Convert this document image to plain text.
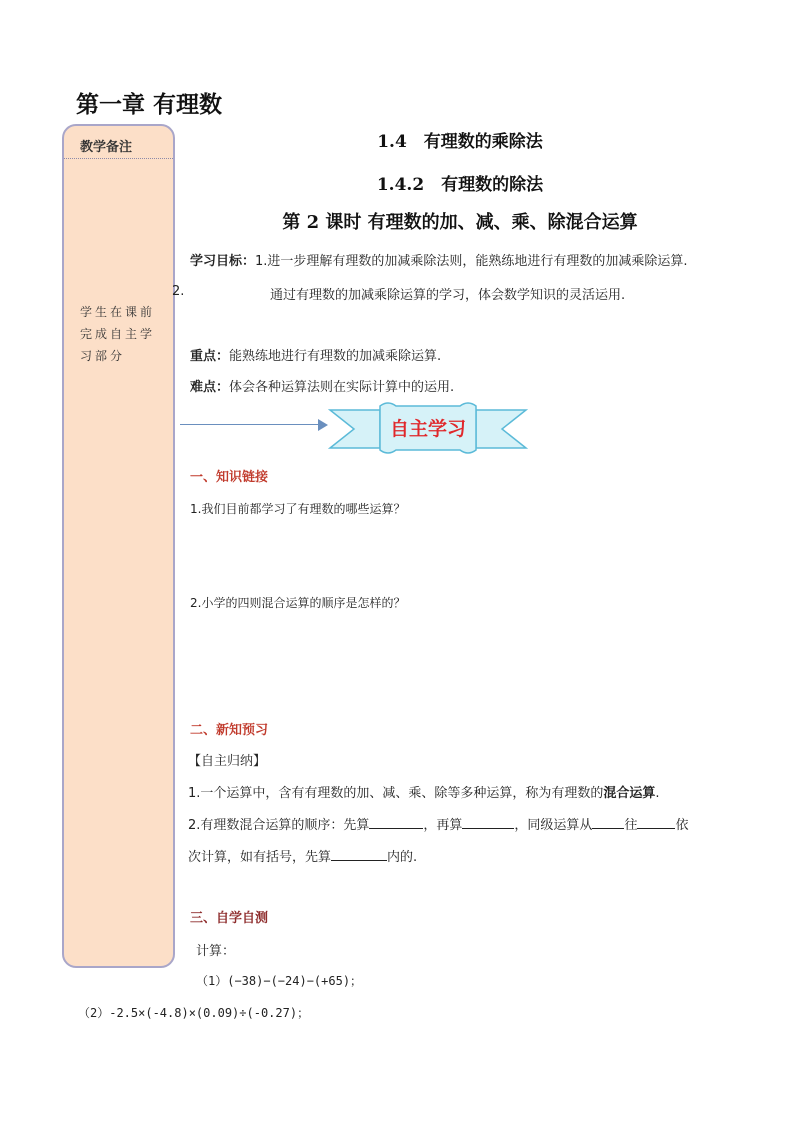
第一章 有理数
教学备注
学生在课前完成自主学习部分
1.4　有理数的乘除法
1.4.2　有理数的除法
第 2 课时 有理数的加、减、乘、除混合运算
学习目标：1.进一步理解有理数的加减乘除法则，能熟练地进行有理数的加减乘除运算.
2.	通过有理数的加减乘除运算的学习，体会数学知识的灵活运用.
重点：能熟练地进行有理数的加减乘除运算.
难点：体会各种运算法则在实际计算中的运用.
自主学习
一、知识链接
1.我们目前都学习了有理数的哪些运算？
2.小学的四则混合运算的顺序是怎样的？
二、新知预习
【自主归纳】
1.一个运算中，含有有理数的加、减、乘、除等多种运算，称为有理数的混合运算.
2.有理数混合运算的顺序：先算	，再算	，同级运算从 往	依
次计算，如有括号，先算	内的.
三、自学自测
计算：
（1）(−38)−(−24)−(+65)；
（2）-2.5×(-4.8)×(0.09)÷(-0.27)；
